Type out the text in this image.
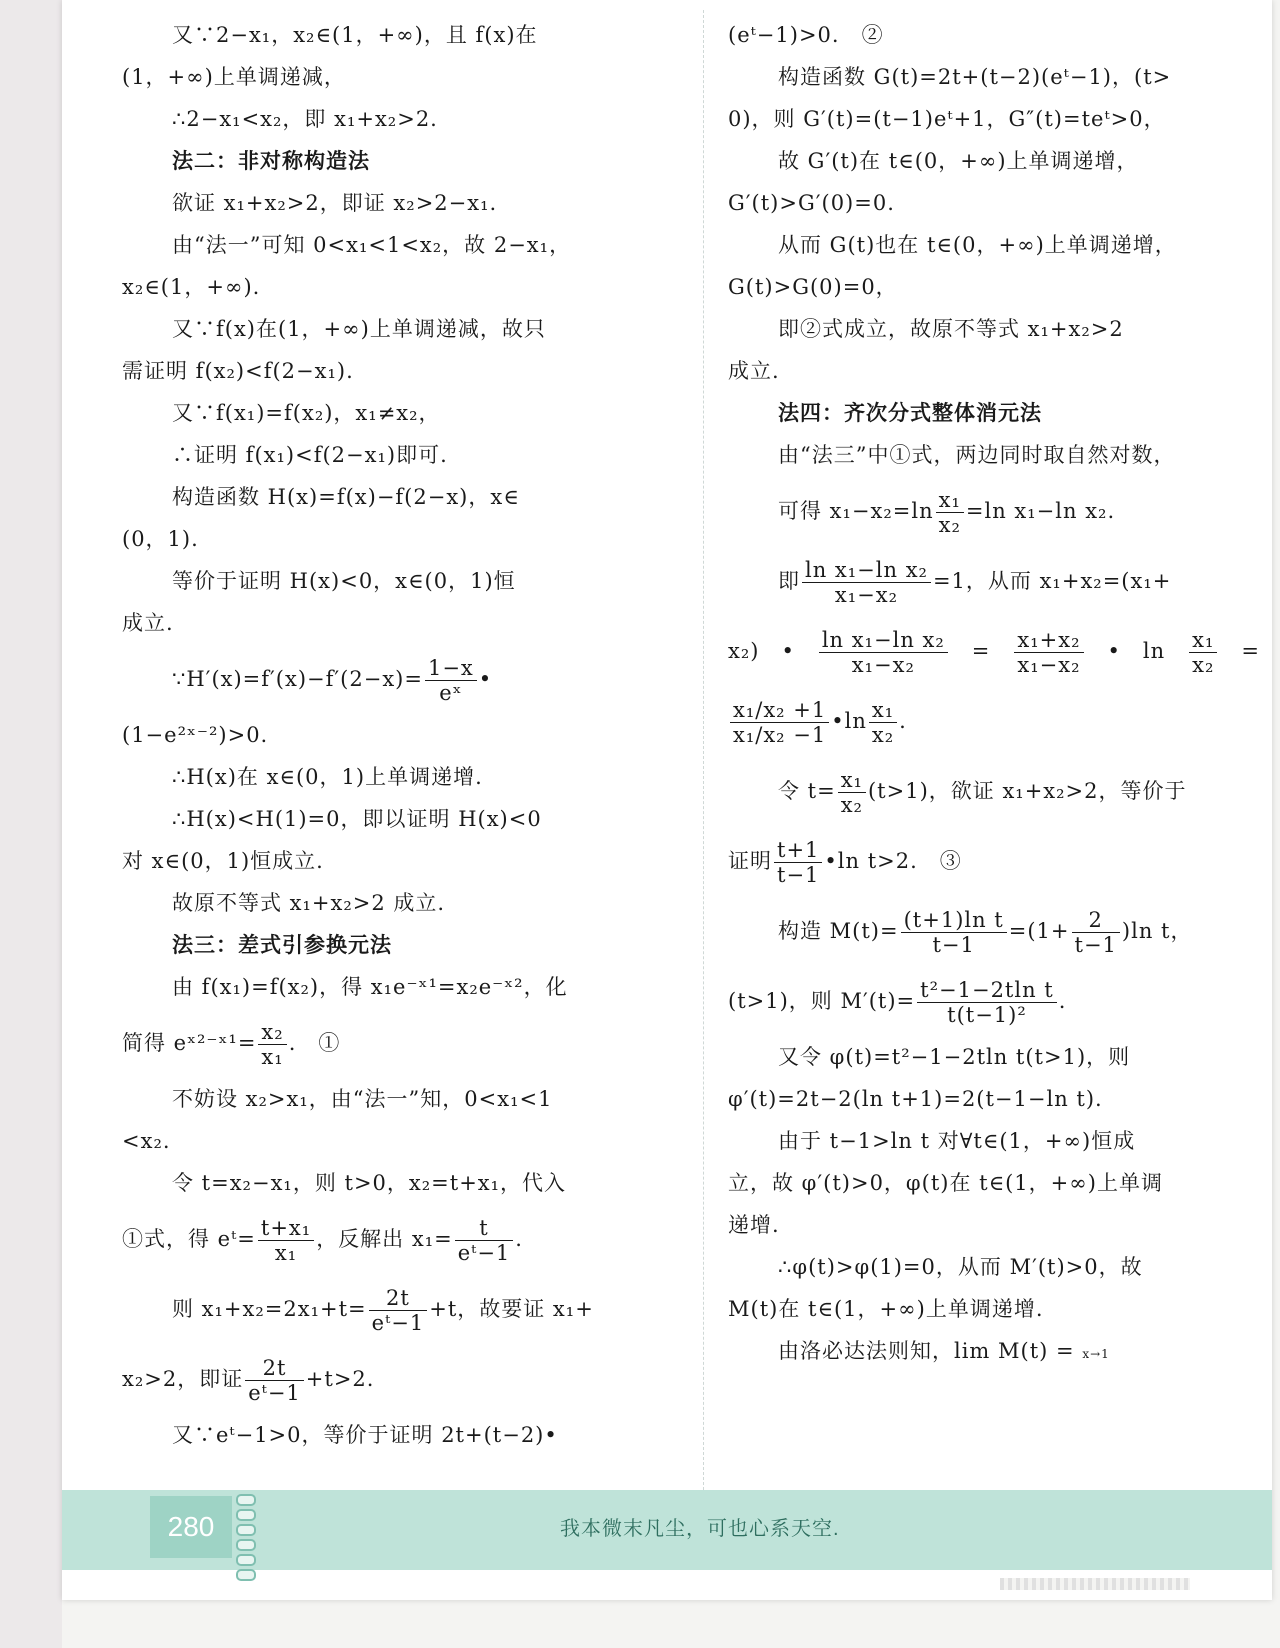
又∵2−x₁，x₂∈(1，+∞)，且 f(x)在

(1，+∞)上单调递减，

∴2−x₁<x₂，即 x₁+x₂>2.

法二：非对称构造法

欲证 x₁+x₂>2，即证 x₂>2−x₁.

由“法一”可知 0<x₁<1<x₂，故 2−x₁，

x₂∈(1，+∞).

又∵f(x)在(1，+∞)上单调递减，故只

需证明 f(x₂)<f(2−x₁).

又∵f(x₁)=f(x₂)，x₁≠x₂，

∴证明 f(x₁)<f(2−x₁)即可.

构造函数 H(x)=f(x)−f(2−x)，x∈

(0，1).

等价于证明 H(x)<0，x∈(0，1)恒

成立.

∵H′(x)=f′(x)−f′(2−x)= $\frac{1-x}{\text{eˣ}}$ •

(1−e²ˣ⁻²)>0.

∴H(x)在 x∈(0，1)上单调递增.

∴H(x)<H(1)=0，即以证明 H(x)<0

对 x∈(0，1)恒成立.

故原不等式 x₁+x₂>2 成立.

法三：差式引参换元法

由 f(x₁)=f(x₂)，得 x₁e⁻ˣ¹=x₂e⁻ˣ²，化

简得 eˣ²⁻ˣ¹= $\frac{\text{x₂}}{\text{x₁}}$ .　①

不妨设 x₂>x₁，由“法一”知，0<x₁<1

<x₂.

令 t=x₂−x₁，则 t>0，x₂=t+x₁，代入

①式，得 eᵗ= $\frac{\text{t+x₁}}{\text{x₁}}$ ，反解出 $x_1= \frac{t}{\text{eᵗ−1}}$ .

则 $x_1+x_2=2x_1+t= \frac{2t}{\text{eᵗ−1}} +t$，故要证 x₁+

x₂>2，即证 $\frac{2t}{\text{eᵗ−1}} +t>2$.

又∵eᵗ−1>0，等价于证明 2t+(t−2)•

(eᵗ−1)>0.　②

构造函数 G(t)=2t+(t−2)(eᵗ−1)，(t>

0)，则 G′(t)=(t−1)eᵗ+1，G″(t)=teᵗ>0，

故 G′(t)在 t∈(0，+∞)上单调递增，

G′(t)>G′(0)=0.

从而 G(t)也在 t∈(0，+∞)上单调递增，

G(t)>G(0)=0，

即②式成立，故原不等式 x₁+x₂>2

成立.

法四：齐次分式整体消元法

由“法三”中①式，两边同时取自然对数，

可得 $x_1-x_2=\ln \frac{\text{x₁}}{\text{x₂}} =\ln$ x₁−ln x₂.

即 $\frac{\text{ln x₁−ln x₂}}{\text{x₁−x₂}} =1$，从而 x₁+x₂=(x₁+

x₂)　•　 $\frac{\text{ln x₁−ln x₂}}{\text{x₁−x₂}}$ 　=　 $\frac{\text{x₁+x₂}}{\text{x₁−x₂}}$ 　•　ln　 $\frac{\text{x₁}}{\text{x₂}}$ 　=

$\frac{\text{x₁/x₂ +1}}{\text{x₁/x₂ −1}}$ •ln $\frac{\text{x₁}}{\text{x₂}}$ .

令 $t= \frac{\text{x₁}}{\text{x₂}} (t>1)$，欲证 x₁+x₂>2，等价于

证明 $\frac{t+1}{t-1}$ •ln t>2.　③

构造 $M(t)= \frac{\text{(t+1)ln t}}{t-1} =(1+ \frac{2}{t-1} )\ln$ t，

(t>1)，则 $M'(t)= \frac{\text{t²−1−2tln t}}{\text{t(t−1)²}}$ .

又令 φ(t)=t²−1−2tln t(t>1)，则

φ′(t)=2t−2(ln t+1)=2(t−1−ln t).

由于 t−1>ln t 对∀t∈(1，+∞)恒成

立，故 φ′(t)>0，φ(t)在 t∈(1，+∞)上单调

递增.

∴φ(t)>φ(1)=0，从而 M′(t)>0，故

M(t)在 t∈(1，+∞)上单调递增.

由洛必达法则知，lim M(t) = x→1

280	我本微末凡尘，可也心系天空.
